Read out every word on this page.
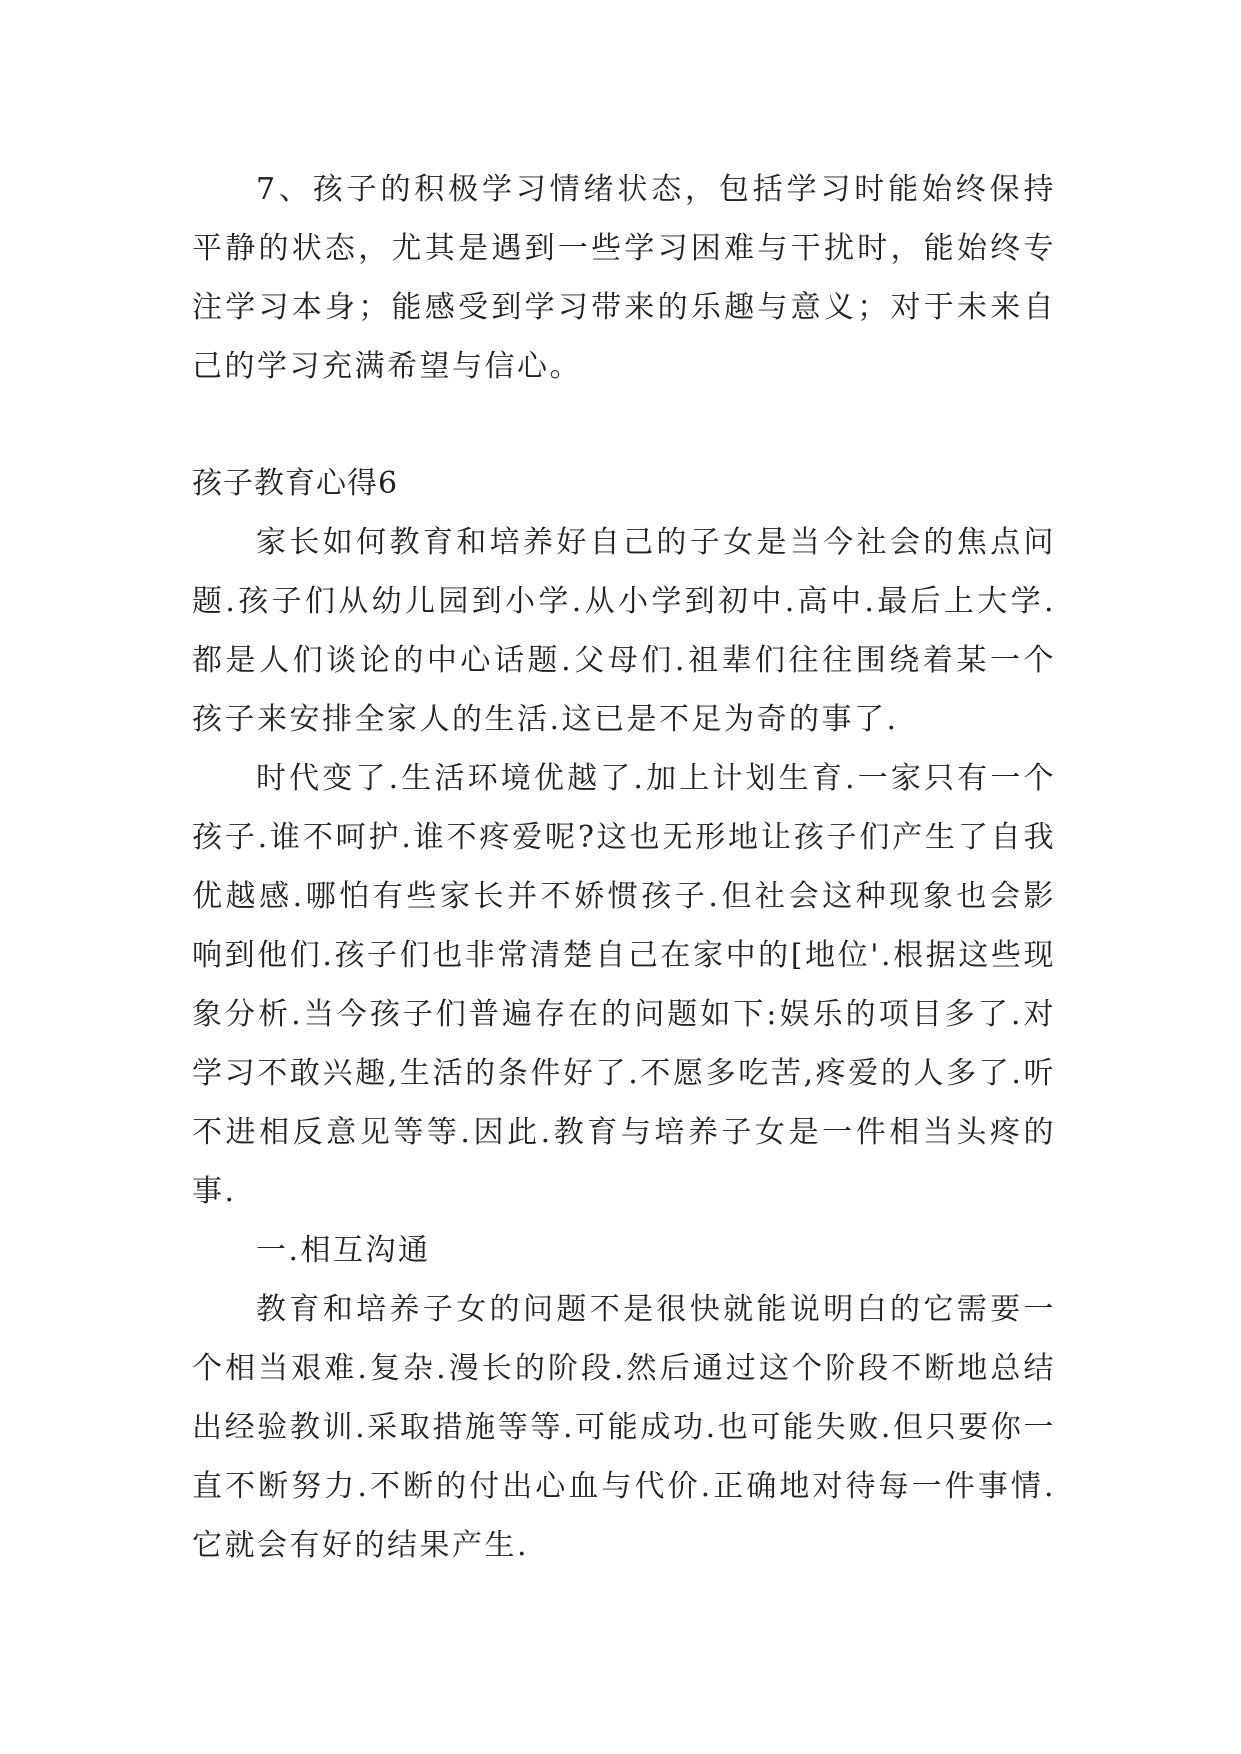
7、孩子的积极学习情绪状态，包括学习时能始终保持平静的状态，尤其是遇到一些学习困难与干扰时，能始终专注学习本身；能感受到学习带来的乐趣与意义；对于未来自己的学习充满希望与信心。

孩子教育心得6

家长如何教育和培养好自己的子女是当今社会的焦点问题.孩子们从幼儿园到小学.从小学到初中.高中.最后上大学.都是人们谈论的中心话题.父母们.祖辈们往往围绕着某一个孩子来安排全家人的生活.这已是不足为奇的事了.

时代变了.生活环境优越了.加上计划生育.一家只有一个孩子.谁不呵护.谁不疼爱呢?这也无形地让孩子们产生了自我优越感.哪怕有些家长并不娇惯孩子.但社会这种现象也会影响到他们.孩子们也非常清楚自己在家中的[地位'.根据这些现象分析.当今孩子们普遍存在的问题如下:娱乐的项目多了.对学习不敢兴趣,生活的条件好了.不愿多吃苦,疼爱的人多了.听不进相反意见等等.因此.教育与培养子女是一件相当头疼的事.

一.相互沟通

教育和培养子女的问题不是很快就能说明白的它需要一个相当艰难.复杂.漫长的阶段.然后通过这个阶段不断地总结出经验教训.采取措施等等.可能成功.也可能失败.但只要你一直不断努力.不断的付出心血与代价.正确地对待每一件事情.它就会有好的结果产生.
